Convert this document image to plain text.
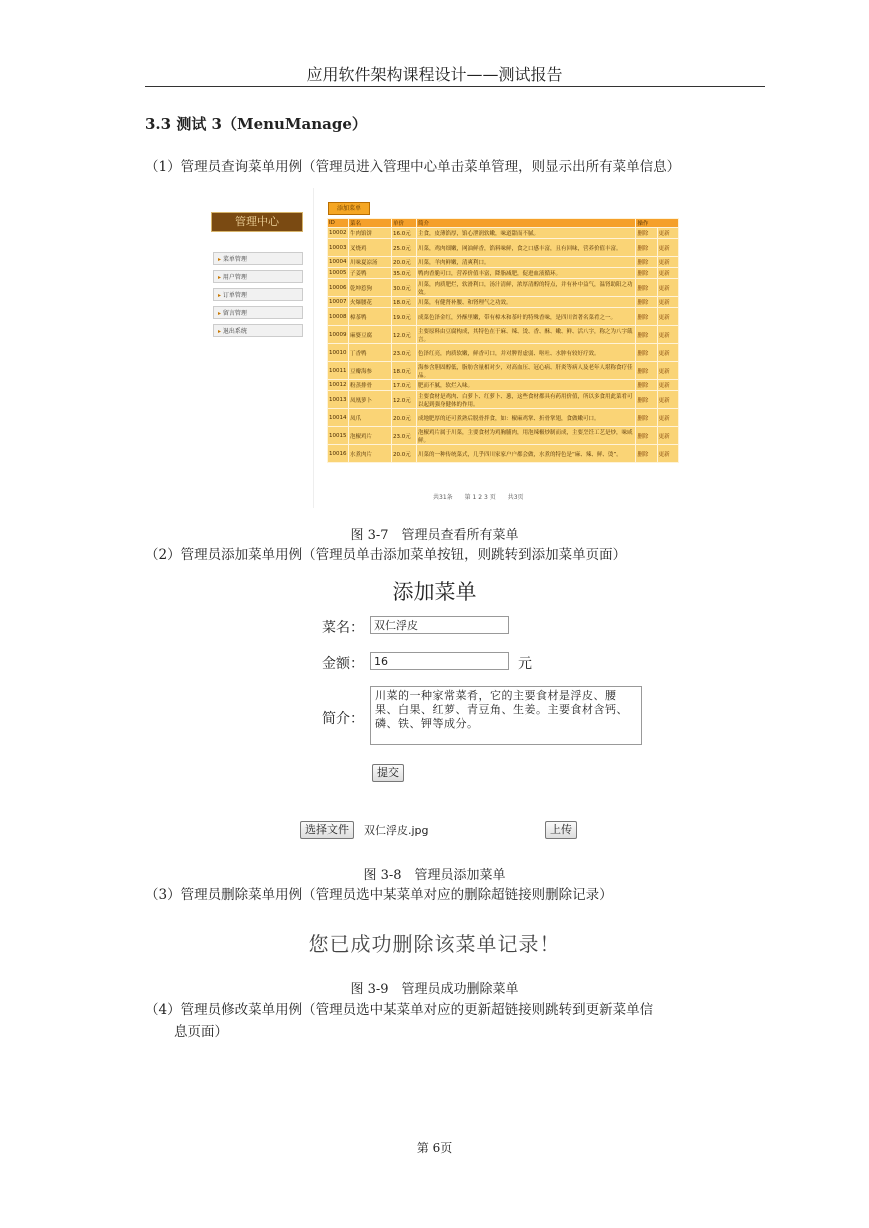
应用软件架构课程设计——测试报告
3.3 测试 3（MenuManage）
（1）管理员查询菜单用例（管理员进入管理中心单击菜单管理，则显示出所有菜单信息）
管理中心
▸ 菜单管理
▸ 用户管理
▸ 订单管理
▸ 留言管理
▸ 退出系统
添加菜单
ID	菜名	单价	简介	操作	
10002	牛肉馅饼	16.0元	主食，皮薄馅厚，馅心泄润软嫩，味道甜而不腻。	删除	更新
10003	叉烧鸡	25.0元	川菜，鸡肉细嫩，网油鲜香，馅料味鲜，食之口感丰富，且有回味，营养价值丰富。	删除	更新
10004	川味夏凉汤	20.0元	川菜，羊肉鲜嫩，清爽利口。	删除	更新
10005	子姜鸭	35.0元	鸭肉香脆可口，营养价值丰富，降脂减肥，促进血液循环。	删除	更新
10006	乾坤惹狗	30.0元	川菜，肉质肥烂，软滑利口，汤汁清鲜，浓厚清醇的特点，并有补中益气，温肾助阳之功效。	删除	更新
10007	火爆腰花	18.0元	川菜，有健肾补腰、和肾理气之功效。	删除	更新
10008	樟茶鸭	19.0元	成菜色泽金红，外酥里嫩，带有樟木和茶叶的特殊香味，是四川省著名菜肴之一。	删除	更新
10009	麻婆豆腐	12.0元	主要原料由豆腐构成，其特色在于麻、辣、烫、香、酥、嫩、鲜、活八字，称之为八字箴言。	删除	更新
10010	丁香鸭	23.0元	色泽红亮，肉质软嫩，鲜香可口，并对脾胃虚弱、呕吐、水肿有较好疗效。	删除	更新
10011	豆瓣海参	18.0元	海参含胆固醇低，脂肪含量相对少，对高血压、冠心病、肝炎等病人及老年人堪称食疗佳品。	删除	更新
10012	粉蒸排骨	17.0元	肥而不腻，软烂入味。	删除	更新
10013	凤凰萝卜	12.0元	主要食材是鸡肉、白萝卜、红萝卜、葱，这些食材都具有药用价值，所以多食用此菜肴可以起到强身健体的作用。	删除	更新
10014	凤爪	20.0元	成地肥厚的还可煮熟后脱骨拌食，如：椒麻鸡掌、折骨掌翅，食做嫩可口。	删除	更新
10015	泡椒鸡片	23.0元	泡椒鸡片属于川菜，主要食材为鸡胸脯肉，用泡辣椒炒制而成，主要烹饪工艺是炒，味咸鲜。	删除	更新
10016	水煮肉片	20.0元	川菜的一种传统菜式，几乎四川家家户户都会做，水煮的特色是“麻、辣、鲜、烫”。	删除	更新
共31条　　第 1 2 3 页　　共3页
图 3-7　管理员查看所有菜单
（2）管理员添加菜单用例（管理员单击添加菜单按钮，则跳转到添加菜单页面）
添加菜单
菜名： 双仁浮皮
金额： 16	元
简介：
川菜的一种家常菜肴，它的主要食材是浮皮、腰果、白果、红萝、青豆角、生姜。主要食材含钙、磷、铁、钾等成分。
提交
选择文件	双仁浮皮.jpg	上传
图 3-8　管理员添加菜单
（3）管理员删除菜单用例（管理员选中某菜单对应的删除超链接则删除记录）
您已成功删除该菜单记录！
图 3-9　管理员成功删除菜单
（4）管理员修改菜单用例（管理员选中某菜单对应的更新超链接则跳转到更新菜单信
息页面）
第 6页
